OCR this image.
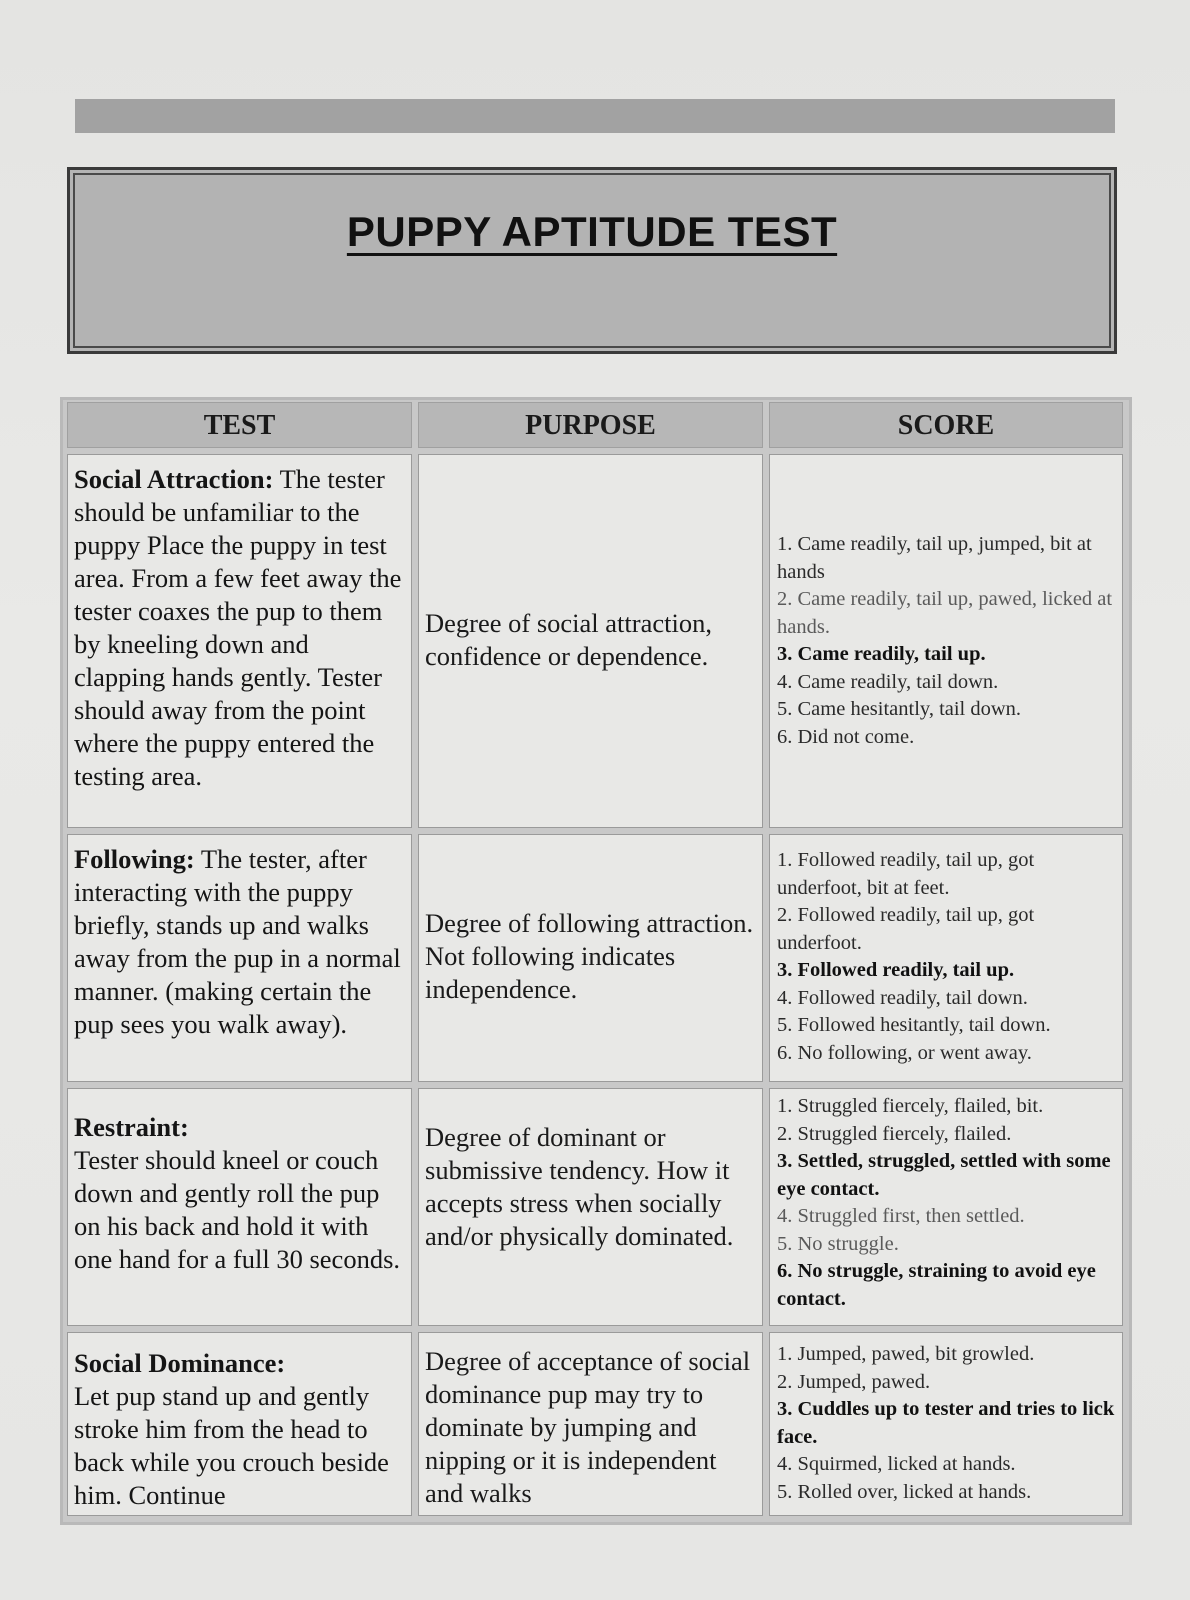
PUPPY APTITUDE TEST
TEST	PURPOSE	SCORE
Social Attraction: The tester should be unfamiliar to the puppy Place the puppy in test area. From a few feet away the tester coaxes the pup to them by kneeling down and clapping hands gently. Tester should away from the point where the puppy entered the testing area.
Degree of social attraction, confidence or dependence.
1. Came readily, tail up, jumped, bit at hands
2. Came readily, tail up, pawed, licked at hands.
3. Came readily, tail up.
4. Came readily, tail down.
5. Came hesitantly, tail down.
6. Did not come.
Following: The tester, after interacting with the puppy briefly, stands up and walks away from the pup in a normal manner. (making certain the pup sees you walk away).
Degree of following attraction. Not following indicates independence.
1. Followed readily, tail up, got underfoot, bit at feet.
2. Followed readily, tail up, got underfoot.
3. Followed readily, tail up.
4. Followed readily, tail down.
5. Followed hesitantly, tail down.
6. No following, or went away.
Restraint:
Tester should kneel or couch down and gently roll the pup on his back and hold it with one hand for a full 30 seconds.
Degree of dominant or submissive tendency. How it accepts stress when socially and/or physically dominated.
1. Struggled fiercely, flailed, bit.
2. Struggled fiercely, flailed.
3. Settled, struggled, settled with some eye contact.
4. Struggled first, then settled.
5. No struggle.
6. No struggle, straining to avoid eye contact.
Social Dominance:
Let pup stand up and gently stroke him from the head to back while you crouch beside him. Continue
Degree of acceptance of social dominance pup may try to dominate by jumping and nipping or it is independent and walks
1. Jumped, pawed, bit growled.
2. Jumped, pawed.
3. Cuddles up to tester and tries to lick face.
4. Squirmed, licked at hands.
5. Rolled over, licked at hands.
